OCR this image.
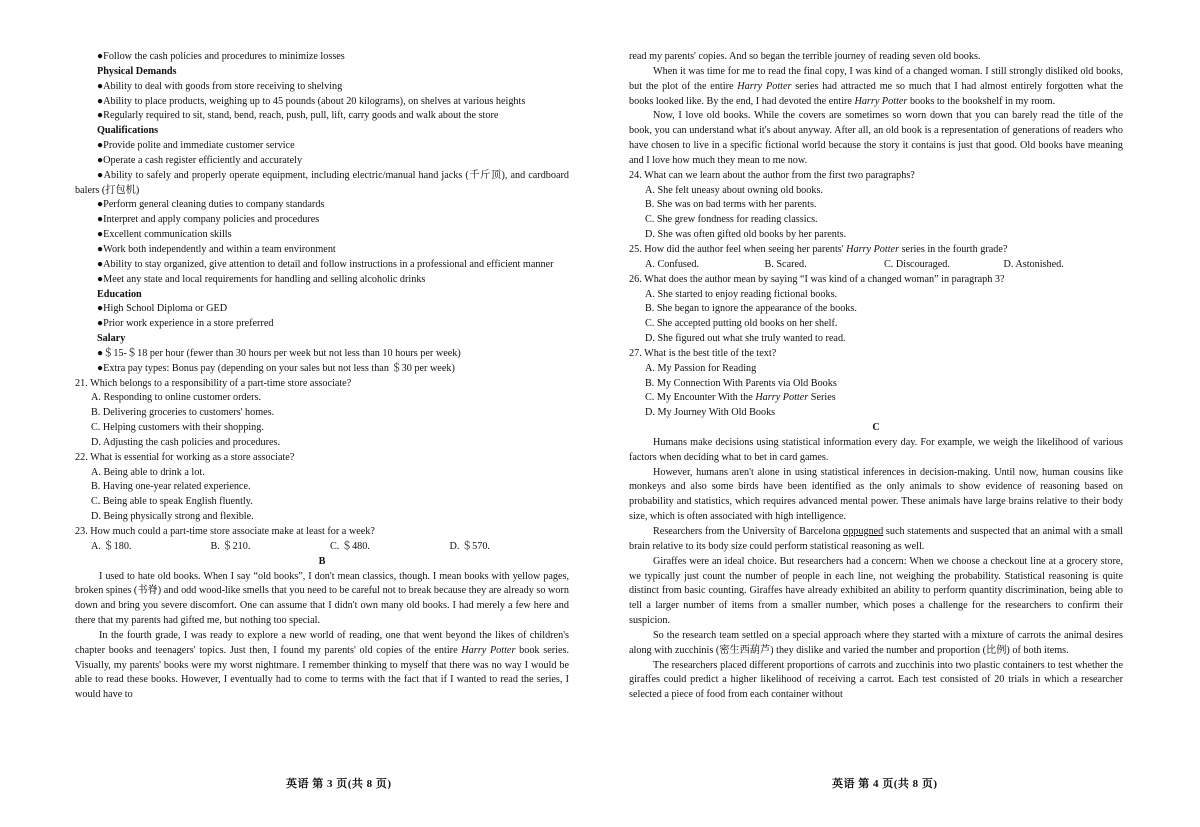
●Follow the cash policies and procedures to minimize losses

Physical Demands

●Ability to deal with goods from store receiving to shelving

●Ability to place products, weighing up to 45 pounds (about 20 kilograms), on shelves at various heights

●Regularly required to sit, stand, bend, reach, push, pull, lift, carry goods and walk about the store

Qualifications

●Provide polite and immediate customer service

●Operate a cash register efficiently and accurately

●Ability to safely and properly operate equipment, including electric/manual hand jacks (千斤顶), and cardboard balers (打包机)

●Perform general cleaning duties to company standards

●Interpret and apply company policies and procedures

●Excellent communication skills

●Work both independently and within a team environment

●Ability to stay organized, give attention to detail and follow instructions in a professional and efficient manner

●Meet any state and local requirements for handling and selling alcoholic drinks

Education

●High School Diploma or GED

●Prior work experience in a store preferred

Salary

●＄15-＄18 per hour (fewer than 30 hours per week but not less than 10 hours per week)

●Extra pay types: Bonus pay (depending on your sales but not less than ＄30 per week)

21. Which belongs to a responsibility of a part-time store associate?

A. Responding to online customer orders.

B. Delivering groceries to customers' homes.

C. Helping customers with their shopping.

D. Adjusting the cash policies and procedures.

22. What is essential for working as a store associate?

A. Being able to drink a lot.

B. Having one-year related experience.

C. Being able to speak English fluently.

D. Being physically strong and flexible.

23. How much could a part-time store associate make at least for a week?

A. ＄180.	B. ＄210.	C. ＄480.	D. ＄570.

B

I used to hate old books. When I say “old books”, I don't mean classics, though. I mean books with yellow pages, broken spines (书脊) and odd wood-like smells that you need to be careful not to break because they are already so worn down and bring you severe discomfort. One can assume that I didn't own many old books. I had merely a few here and there that my parents had gifted me, but nothing too special.

In the fourth grade, I was ready to explore a new world of reading, one that went beyond the likes of children's chapter books and teenagers' topics. Just then, I found my parents' old copies of the entire Harry Potter book series. Visually, my parents' books were my worst nightmare. I remember thinking to myself that there was no way I would be able to read these books. However, I eventually had to come to terms with the fact that if I wanted to read the series, I would have to

read my parents' copies. And so began the terrible journey of reading seven old books.

When it was time for me to read the final copy, I was kind of a changed woman. I still strongly disliked old books, but the plot of the entire Harry Potter series had attracted me so much that I had almost entirely forgotten what the books looked like. By the end, I had devoted the entire Harry Potter books to the bookshelf in my room.

Now, I love old books. While the covers are sometimes so worn down that you can barely read the title of the book, you can understand what it's about anyway. After all, an old book is a representation of generations of readers who have chosen to live in a specific fictional world because the story it contains is just that good. Old books have meaning and I love how much they mean to me now.

24. What can we learn about the author from the first two paragraphs?

A. She felt uneasy about owning old books.

B. She was on bad terms with her parents.

C. She grew fondness for reading classics.

D. She was often gifted old books by her parents.

25. How did the author feel when seeing her parents' Harry Potter series in the fourth grade?

A. Confused.	B. Scared.	C. Discouraged.	D. Astonished.

26. What does the author mean by saying “I was kind of a changed woman” in paragraph 3?

A. She started to enjoy reading fictional books.

B. She began to ignore the appearance of the books.

C. She accepted putting old books on her shelf.

D. She figured out what she truly wanted to read.

27. What is the best title of the text?

A. My Passion for Reading

B. My Connection With Parents via Old Books

C. My Encounter With the Harry Potter Series

D. My Journey With Old Books

C

Humans make decisions using statistical information every day. For example, we weigh the likelihood of various factors when deciding what to bet in card games.

However, humans aren't alone in using statistical inferences in decision-making. Until now, human cousins like monkeys and also some birds have been identified as the only animals to show evidence of reasoning based on probability and statistics, which requires advanced mental power. These animals have large brains relative to their body size, which is often associated with high intelligence.

Researchers from the University of Barcelona oppugned such statements and suspected that an animal with a small brain relative to its body size could perform statistical reasoning as well.

Giraffes were an ideal choice. But researchers had a concern: When we choose a checkout line at a grocery store, we typically just count the number of people in each line, not weighing the probability. Statistical reasoning is quite distinct from basic counting. Giraffes have already exhibited an ability to perform quantity discrimination, being able to tell a larger number of items from a smaller number, which poses a challenge for the researchers to confirm their suspicion.

So the research team settled on a special approach where they started with a mixture of carrots the animal desires along with zucchinis (密生西葫芦) they dislike and varied the number and proportion (比例) of both items.

The researchers placed different proportions of carrots and zucchinis into two plastic containers to test whether the giraffes could predict a higher likelihood of receiving a carrot. Each test consisted of 20 trials in which a researcher selected a piece of food from each container without

英语 第 3 页(共 8 页)	英语 第 4 页(共 8 页)
